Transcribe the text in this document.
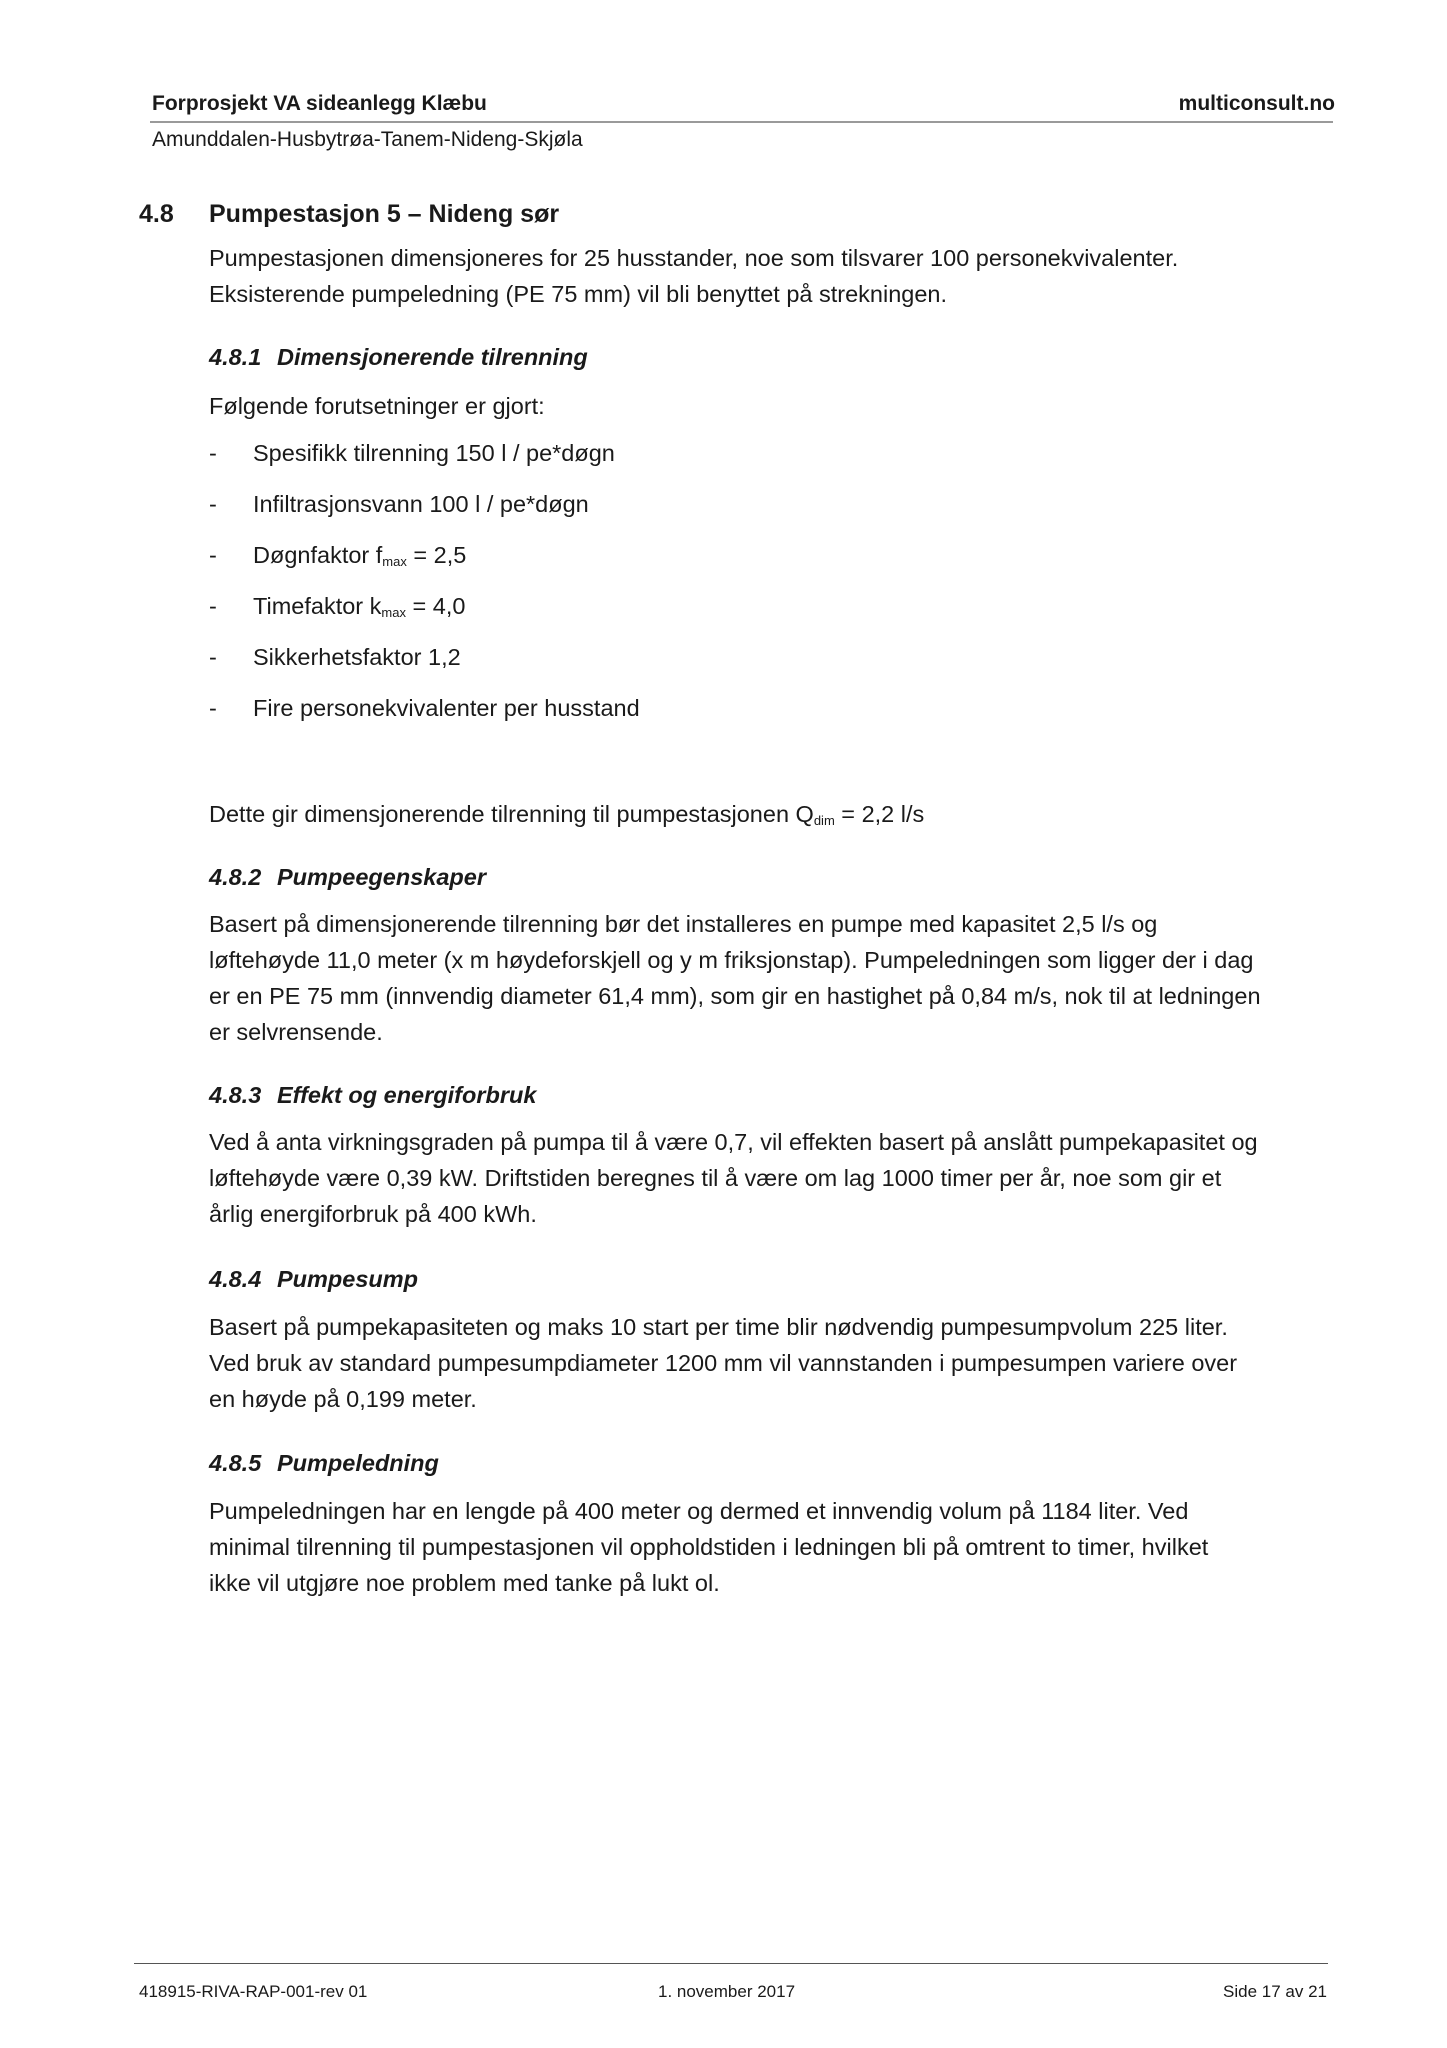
Forprosjekt VA sideanlegg Klæbu	multiconsult.no
Amunddalen-Husbytrøa-Tanem-Nideng-Skjøla
4.8 Pumpestasjon 5 – Nideng sør

Pumpestasjonen dimensjoneres for 25 husstander, noe som tilsvarer 100 personekvivalenter.

Eksisterende pumpeledning (PE 75 mm) vil bli benyttet på strekningen.

4.8.1 Dimensjonerende tilrenning

Følgende forutsetninger er gjort:

- Spesifikk tilrenning 150 l / pe*døgn
- Infiltrasjonsvann 100 l / pe*døgn
- Døgnfaktor $f_{max} = 2,5$
- Timefaktor $k_{max} = 4,0$
- Sikkerhetsfaktor 1,2
- Fire personekvivalenter per husstand

Dette gir dimensjonerende tilrenning til pumpestasjonen $Q_{dim} = 2,2$ l/s

4.8.2 Pumpeegenskaper

Basert på dimensjonerende tilrenning bør det installeres en pumpe med kapasitet 2,5 l/s og

løftehøyde 11,0 meter (x m høydeforskjell og y m friksjonstap). Pumpeledningen som ligger der i dag

er en PE 75 mm (innvendig diameter 61,4 mm), som gir en hastighet på 0,84 m/s, nok til at ledningen

er selvrensende.

4.8.3 Effekt og energiforbruk

Ved å anta virkningsgraden på pumpa til å være 0,7, vil effekten basert på anslått pumpekapasitet og

løftehøyde være 0,39 kW. Driftstiden beregnes til å være om lag 1000 timer per år, noe som gir et

årlig energiforbruk på 400 kWh.

4.8.4 Pumpesump

Basert på pumpekapasiteten og maks 10 start per time blir nødvendig pumpesumpvolum 225 liter.

Ved bruk av standard pumpesumpdiameter 1200 mm vil vannstanden i pumpesumpen variere over

en høyde på 0,199 meter.

4.8.5 Pumpeledning

Pumpeledningen har en lengde på 400 meter og dermed et innvendig volum på 1184 liter. Ved

minimal tilrenning til pumpestasjonen vil oppholdstiden i ledningen bli på omtrent to timer, hvilket

ikke vil utgjøre noe problem med tanke på lukt ol.

418915-RIVA-RAP-001-rev 01	1. november 2017	Side 17 av 21
